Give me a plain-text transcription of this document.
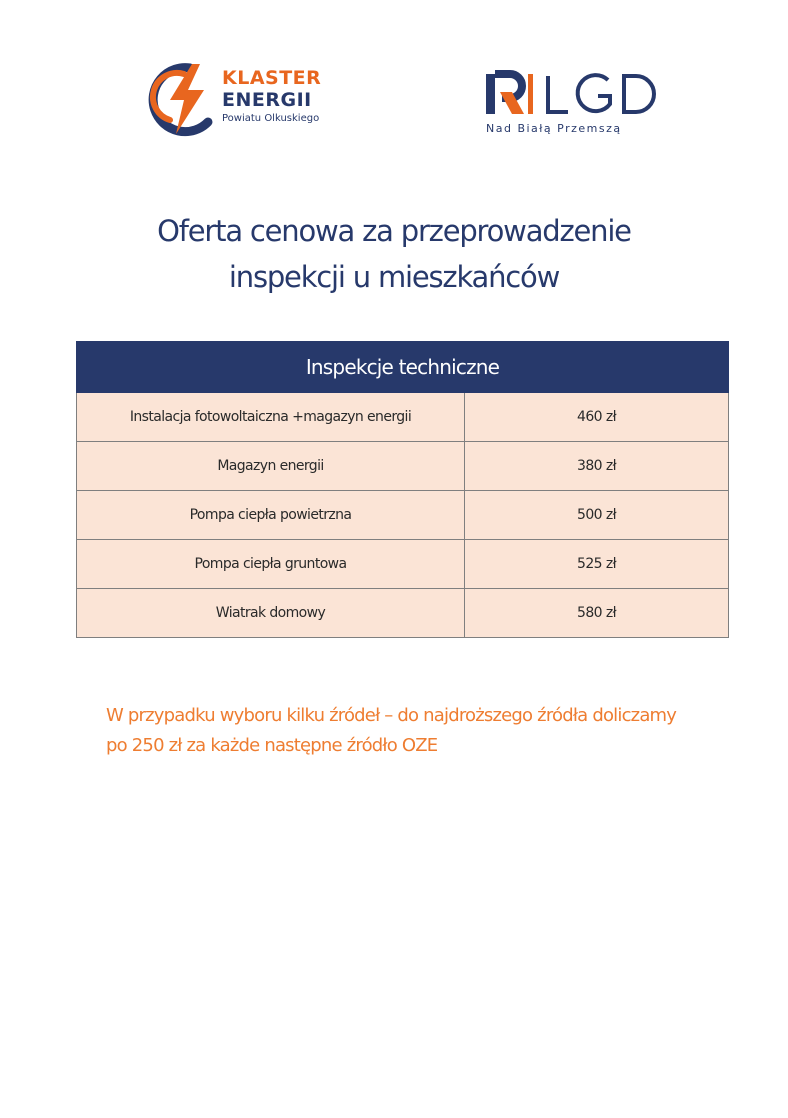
KLASTER
ENERGII
Powiatu Olkuskiego
Nad Białą Przemszą
Oferta cenowa za przeprowadzenie
inspekcji u mieszkańców
Inspekcje techniczne	
Instalacja fotowoltaiczna +magazyn energii	460 zł
Magazyn energii	380 zł
Pompa ciepła powietrzna	500 zł
Pompa ciepła gruntowa	525 zł
Wiatrak domowy	580 zł

W przypadku wyboru kilku źródeł – do najdroższego źródła doliczamy
po 250 zł za każde następne źródło OZE
